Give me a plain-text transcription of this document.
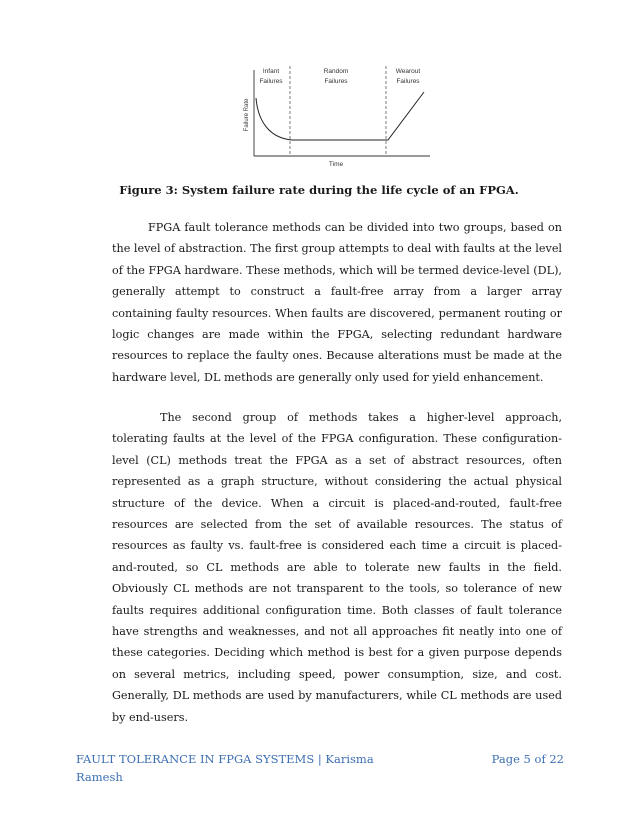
Infant
Failures
Random
Failures
Wearout
Failures
Failure Rate
Time
Figure 3: System failure rate during the life cycle of an FPGA.

FPGA fault tolerance methods can be divided into two groups, based on the level of abstraction. The first group attempts to deal with faults at the level of the FPGA hardware. These methods, which will be termed device-level (DL), generally attempt to construct a fault-free array from a larger array containing faulty resources. When faults are discovered, permanent routing or logic changes are made within the FPGA, selecting redundant hardware resources to replace the faulty ones. Because alterations must be made at the hardware level, DL methods are generally only used for yield enhancement.

The second group of methods takes a higher-level approach, tolerating faults at the level of the FPGA configuration. These configuration-level (CL) methods treat the FPGA as a set of abstract resources, often represented as a graph structure, without considering the actual physical structure of the device. When a circuit is placed-and-routed, fault-free resources are selected from the set of available resources. The status of resources as faulty vs. fault-free is considered each time a circuit is placed-and-routed, so CL methods are able to tolerate new faults in the field. Obviously CL methods are not transparent to the tools, so tolerance of new faults requires additional configuration time. Both classes of fault tolerance have strengths and weaknesses, and not all approaches fit neatly into one of these categories. Deciding which method is best for a given purpose depends on several metrics, including speed, power consumption, size, and cost. Generally, DL methods are used by manufacturers, while CL methods are used by end-users.

FAULT TOLERANCE IN FPGA SYSTEMS | Karisma Ramesh
Page 5 of 22
